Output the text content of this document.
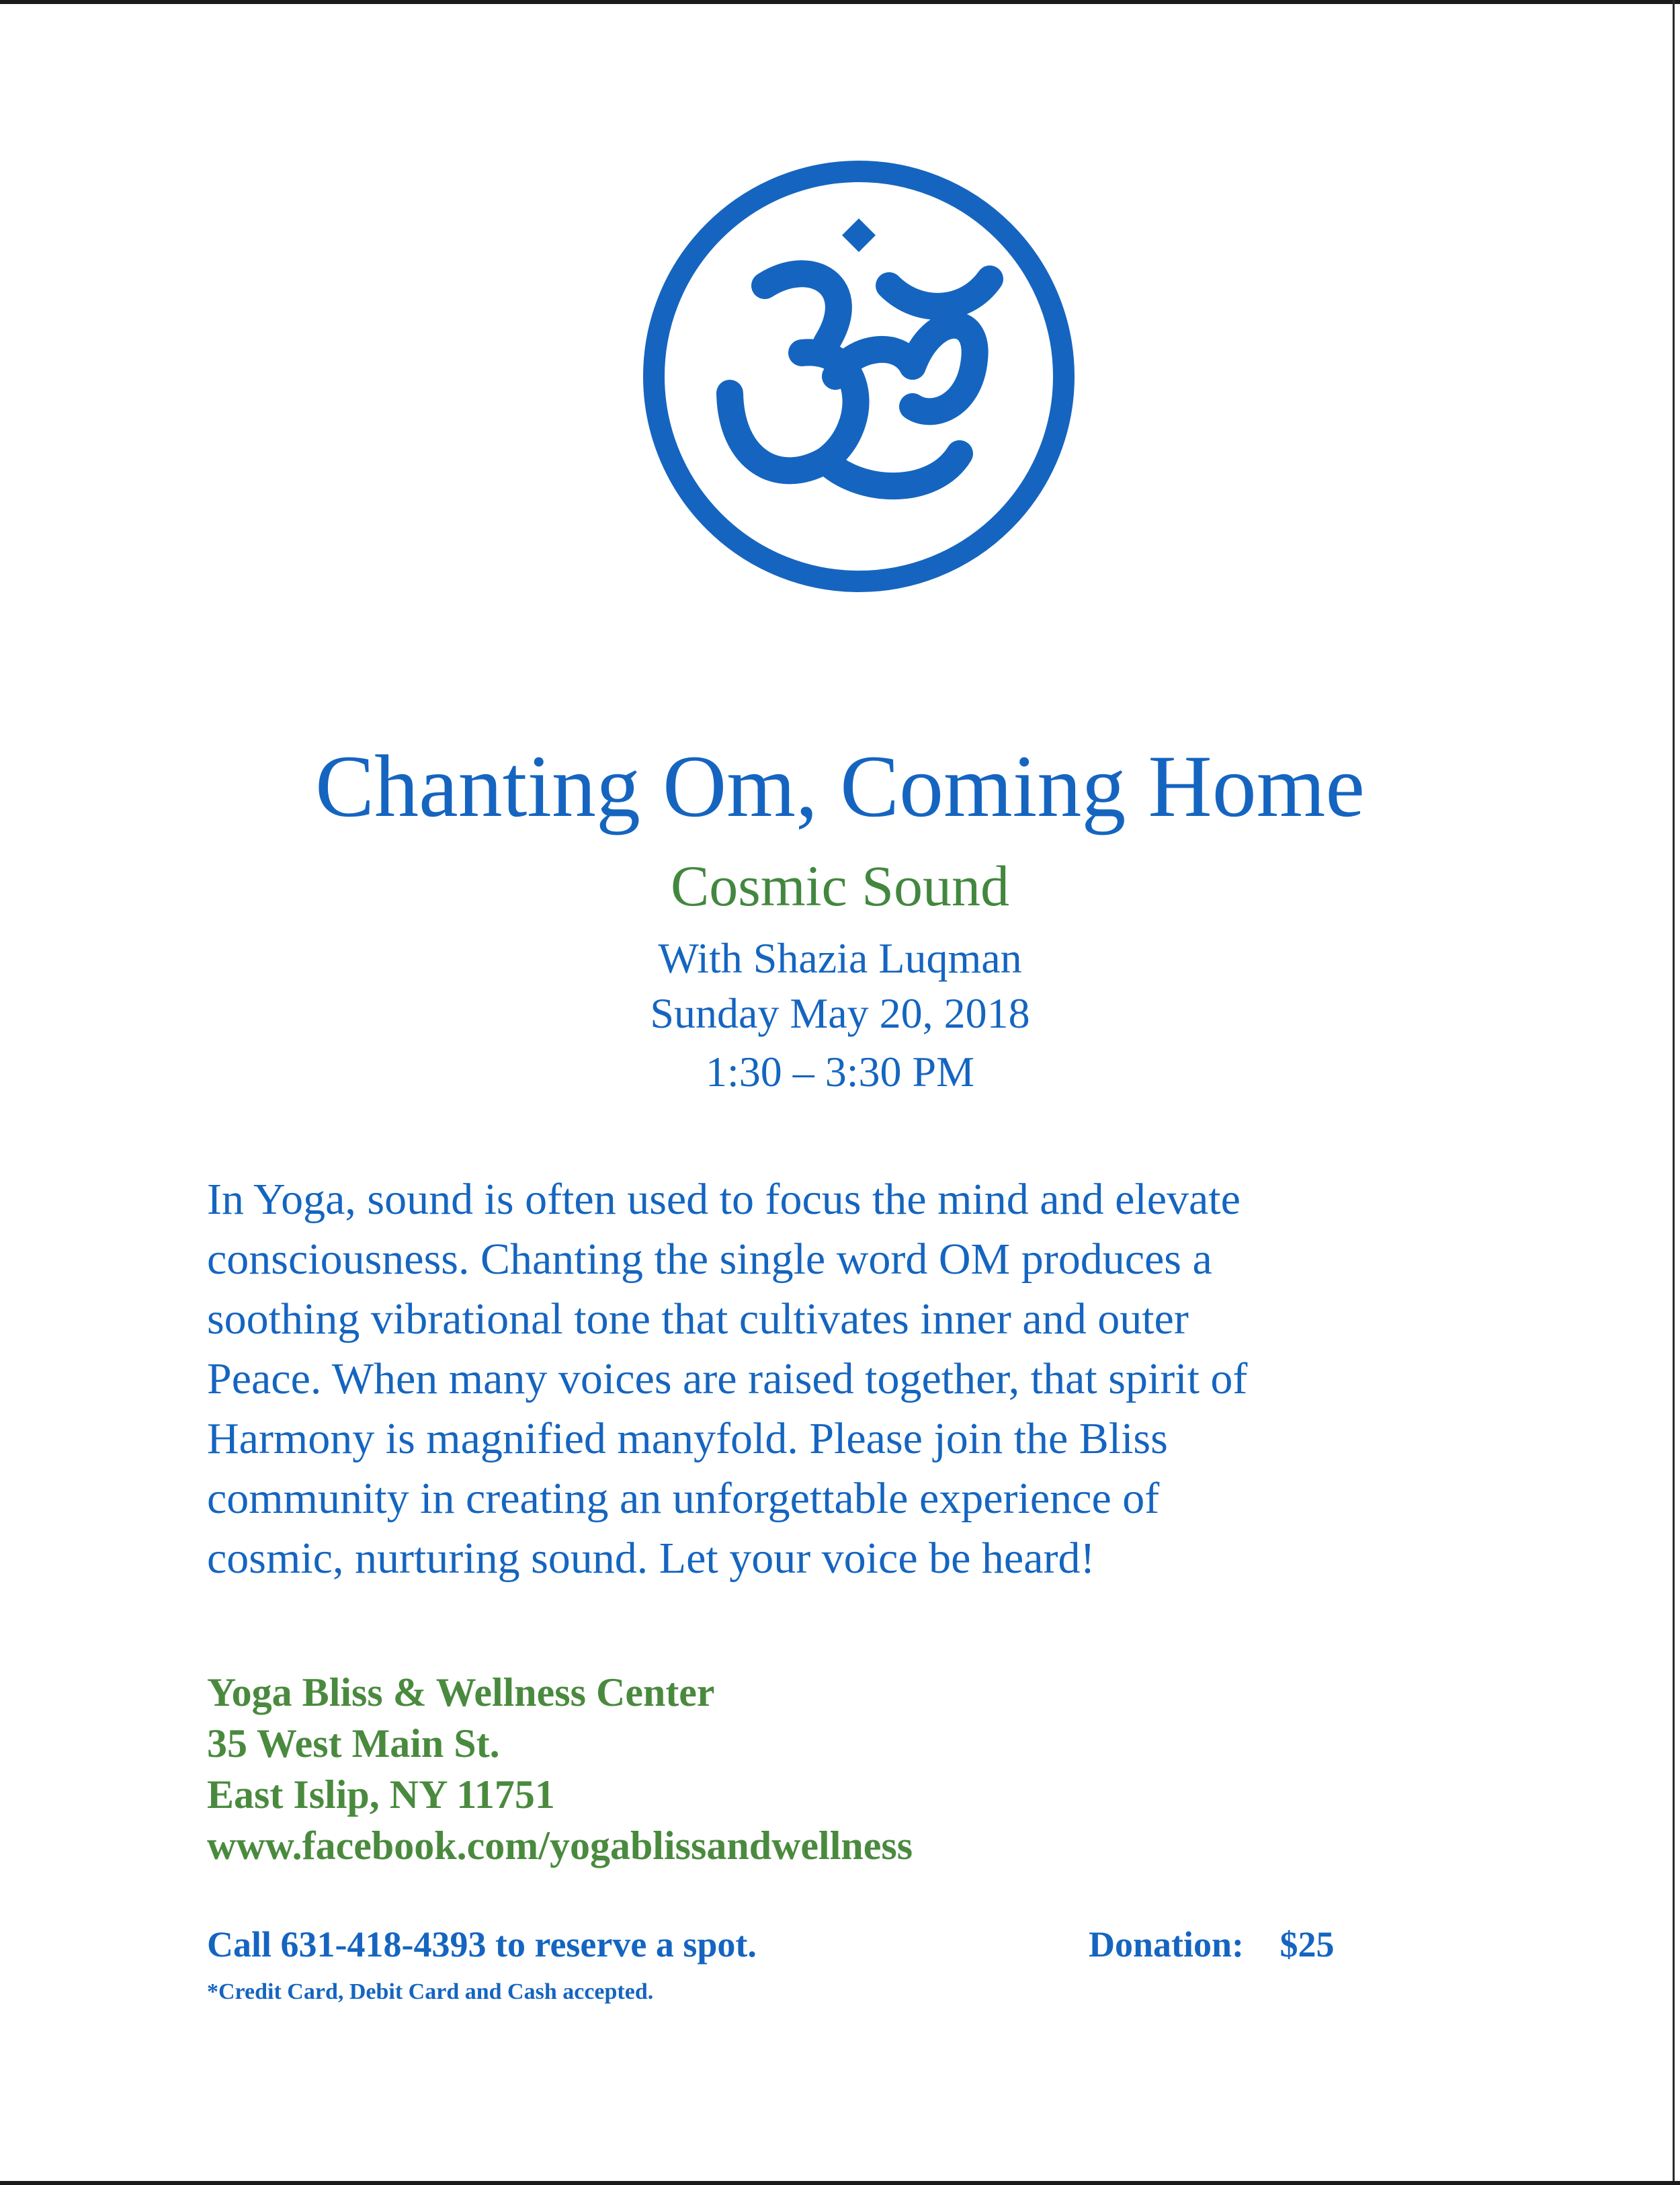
Chanting Om, Coming Home
Cosmic Sound
With Shazia Luqman
Sunday May 20, 2018
1:30 – 3:30 PM
In Yoga, sound is often used to focus the mind and elevate
consciousness. Chanting the single word OM produces a
soothing vibrational tone that cultivates inner and outer
Peace. When many voices are raised together, that spirit of
Harmony is magnified manyfold. Please join the Bliss
community in creating an unforgettable experience of
cosmic, nurturing sound. Let your voice be heard!
Yoga Bliss & Wellness Center
35 West Main St.
East Islip, NY 11751
www.facebook.com/yogablissandwellness
Call 631-418-4393 to reserve a spot.
*Credit Card, Debit Card and Cash accepted.
Donation: $25
